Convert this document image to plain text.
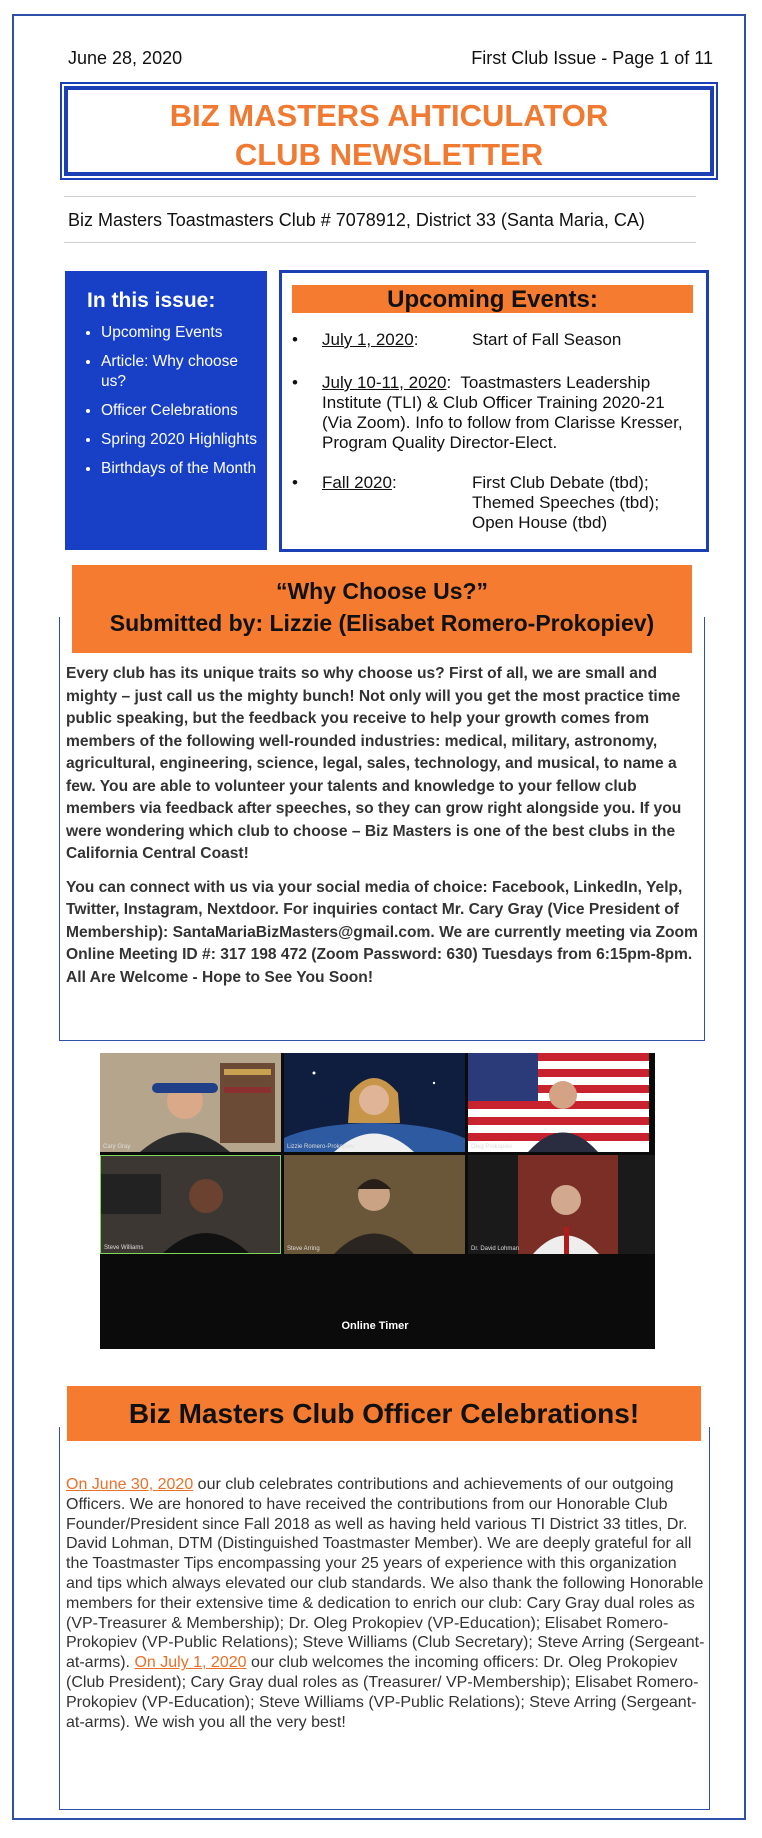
June 28, 2020	First Club Issue - Page 1 of 11
BIZ MASTERS AHTICULATOR
CLUB NEWSLETTER
Biz Masters Toastmasters Club # 7078912, District 33 (Santa Maria, CA)
In this issue:
• Upcoming Events
• Article: Why choose us?
• Officer Celebrations
• Spring 2020 Highlights
• Birthdays of the Month
Upcoming Events:
• July 1, 2020:	Start of Fall Season
• July 10-11, 2020:  Toastmasters Leadership Institute (TLI) & Club Officer Training 2020-21 (Via Zoom). Info to follow from Clarisse Kresser, Program Quality Director-Elect.
• Fall 2020:	First Club Debate (tbd); Themed Speeches (tbd); Open House (tbd)
“Why Choose Us?”
Submitted by: Lizzie (Elisabet Romero-Prokopiev)

Every club has its unique traits so why choose us? First of all, we are small and mighty – just call us the mighty bunch! Not only will you get the most practice time public speaking, but the feedback you receive to help your growth comes from members of the following well-rounded industries: medical, military, astronomy, agricultural, engineering, science, legal, sales, technology, and musical, to name a few. You are able to volunteer your talents and knowledge to your fellow club members via feedback after speeches, so they can grow right alongside you. If you were wondering which club to choose – Biz Masters is one of the best clubs in the California Central Coast!

You can connect with us via your social media of choice: Facebook, LinkedIn, Yelp, Twitter, Instagram, Nextdoor. For inquiries contact Mr. Cary Gray (Vice President of Membership): SantaMariaBizMasters@gmail.com. We are currently meeting via Zoom Online Meeting ID #: 317 198 472 (Zoom Password: 630) Tuesdays from 6:15pm-8pm. All Are Welcome - Hope to See You Soon!

Cary Gray	Lizzie Romero-Prokopiev	Oleg Prokopiev
Steve Williams	Steve Arring	Dr. David Lohman
Online Timer
Biz Masters Club Officer Celebrations!
On June 30, 2020 our club celebrates contributions and achievements of our outgoing Officers. We are honored to have received the contributions from our Honorable Club Founder/President since Fall 2018 as well as having held various TI District 33 titles, Dr. David Lohman, DTM (Distinguished Toastmaster Member). We are deeply grateful for all the Toastmaster Tips encompassing your 25 years of experience with this organization and tips which always elevated our club standards. We also thank the following Honorable members for their extensive time & dedication to enrich our club: Cary Gray dual roles as (VP-Treasurer & Membership); Dr. Oleg Prokopiev (VP-Education); Elisabet Romero-Prokopiev (VP-Public Relations); Steve Williams (Club Secretary); Steve Arring (Sergeant-at-arms). On July 1, 2020 our club welcomes the incoming officers: Dr. Oleg Prokopiev (Club President); Cary Gray dual roles as (Treasurer/ VP-Membership); Elisabet Romero-Prokopiev (VP-Education); Steve Williams (VP-Public Relations); Steve Arring (Sergeant-at-arms). We wish you all the very best!
